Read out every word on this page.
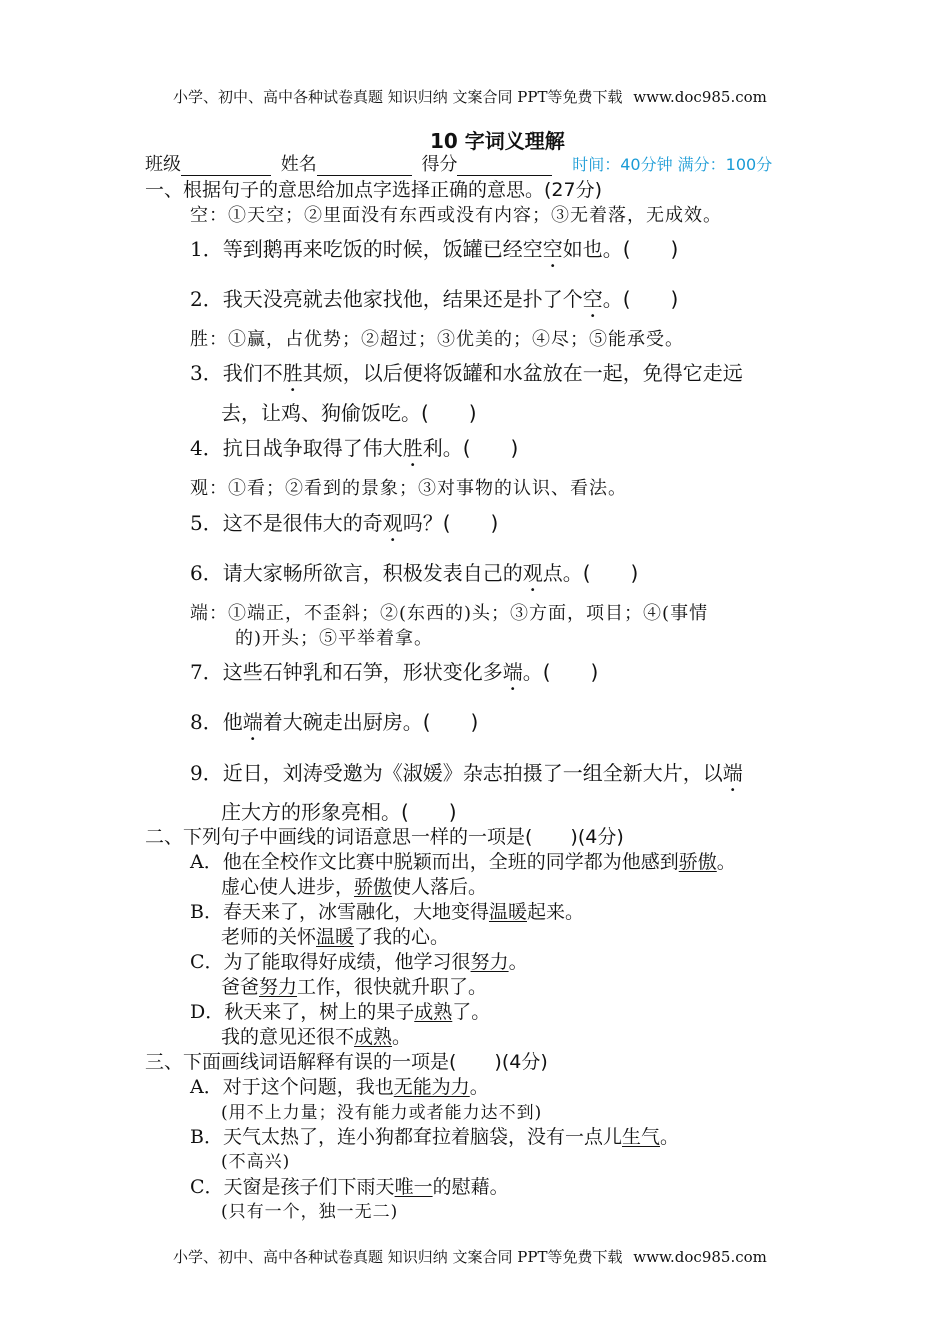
小学、初中、高中各种试卷真题 知识归纳 文案合同 PPT等免费下载 www.doc985.com
10 字词义理解
班级	姓名	得分	时间：40分钟 满分：100分
一、根据句子的意思给加点字选择正确的意思。(27分)
空：①天空；②里面没有东西或没有内容；③无着落，无成效。
1．等到鹅再来吃饭的时候，饭罐已经空空如也。(　　)
2．我天没亮就去他家找他，结果还是扑了个空。(　　)
胜：①赢，占优势；②超过；③优美的；④尽；⑤能承受。
3．我们不胜其烦，以后便将饭罐和水盆放在一起，免得它走远
去，让鸡、狗偷饭吃。(　　)
4．抗日战争取得了伟大胜利。(　　)
观：①看；②看到的景象；③对事物的认识、看法。
5．这不是很伟大的奇观吗？(　　)
6．请大家畅所欲言，积极发表自己的观点。(　　)
端：①端正，不歪斜；②(东西的)头；③方面，项目；④(事情
的)开头；⑤平举着拿。
7．这些石钟乳和石笋，形状变化多端。(　　)
8．他端着大碗走出厨房。(　　)
9．近日，刘涛受邀为《淑媛》杂志拍摄了一组全新大片，以端
庄大方的形象亮相。(　　)
二、下列句子中画线的词语意思一样的一项是(　　)(4分)
A．他在全校作文比赛中脱颖而出，全班的同学都为他感到骄傲。
虚心使人进步，骄傲使人落后。
B．春天来了，冰雪融化，大地变得温暖起来。
老师的关怀温暖了我的心。
C．为了能取得好成绩，他学习很努力。
爸爸努力工作，很快就升职了。
D．秋天来了，树上的果子成熟了。
我的意见还很不成熟。
三、下面画线词语解释有误的一项是(　　)(4分)
A．对于这个问题，我也无能为力。
(用不上力量；没有能力或者能力达不到)
B．天气太热了，连小狗都耷拉着脑袋，没有一点儿生气。
(不高兴)
C．天窗是孩子们下雨天唯一的慰藉。
(只有一个，独一无二)
小学、初中、高中各种试卷真题 知识归纳 文案合同 PPT等免费下载 www.doc985.com
